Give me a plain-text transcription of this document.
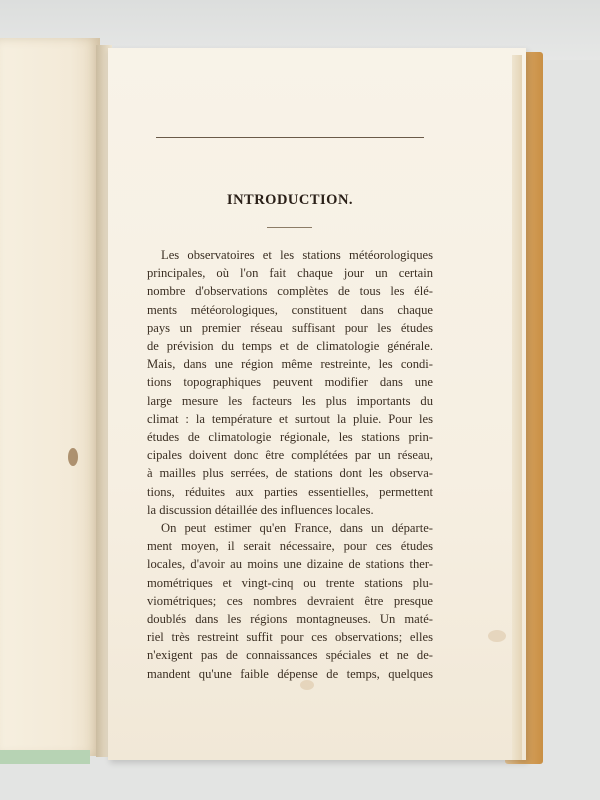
INTRODUCTION.
Les observatoires et les stations météorologiques
principales, où l'on fait chaque jour un certain
nombre d'observations complètes de tous les élé-
ments météorologiques, constituent dans chaque
pays un premier réseau suffisant pour les études
de prévision du temps et de climatologie générale.
Mais, dans une région même restreinte, les condi-
tions topographiques peuvent modifier dans une
large mesure les facteurs les plus importants du
climat : la température et surtout la pluie. Pour les
études de climatologie régionale, les stations prin-
cipales doivent donc être complétées par un réseau,
à mailles plus serrées, de stations dont les observa-
tions, réduites aux parties essentielles, permettent
la discussion détaillée des influences locales.
On peut estimer qu'en France, dans un départe-
ment moyen, il serait nécessaire, pour ces études
locales, d'avoir au moins une dizaine de stations ther-
mométriques et vingt-cinq ou trente stations plu-
viométriques; ces nombres devraient être presque
doublés dans les régions montagneuses. Un maté-
riel très restreint suffit pour ces observations; elles
n'exigent pas de connaissances spéciales et ne de-
mandent qu'une faible dépense de temps, quelques
